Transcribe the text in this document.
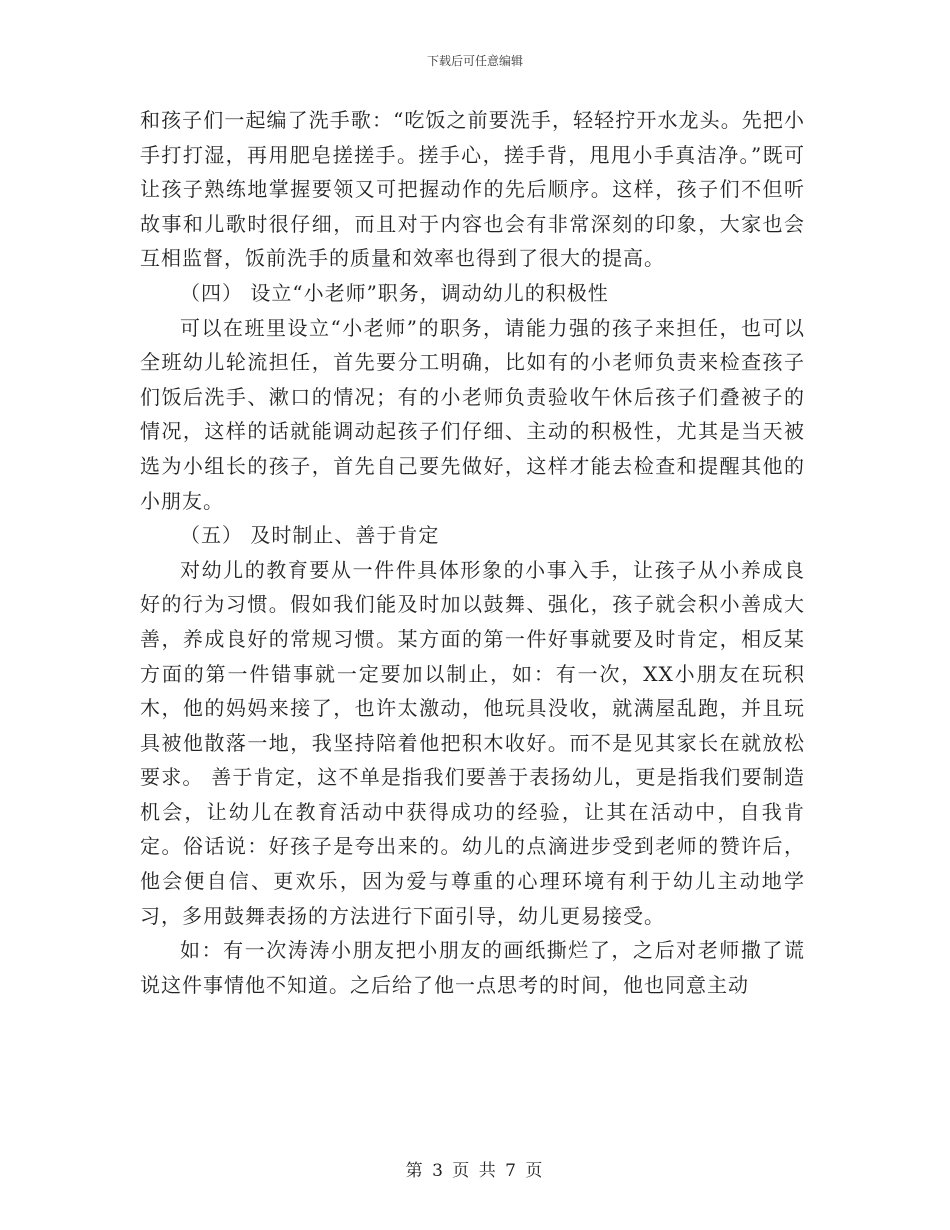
下载后可任意编辑

和孩子们一起编了洗手歌：“吃饭之前要洗手，轻轻拧开水龙头。先把小手打打湿，再用肥皂搓搓手。搓手心，搓手背，甩甩小手真洁净。”既可让孩子熟练地掌握要领又可把握动作的先后顺序。这样，孩子们不但听故事和儿歌时很仔细，而且对于内容也会有非常深刻的印象，大家也会互相监督，饭前洗手的质量和效率也得到了很大的提高。

（四） 设立“小老师”职务，调动幼儿的积极性

可以在班里设立“小老师”的职务，请能力强的孩子来担任，也可以全班幼儿轮流担任，首先要分工明确，比如有的小老师负责来检查孩子们饭后洗手、漱口的情况；有的小老师负责验收午休后孩子们叠被子的情况，这样的话就能调动起孩子们仔细、主动的积极性，尤其是当天被选为小组长的孩子，首先自己要先做好，这样才能去检查和提醒其他的小朋友。

（五） 及时制止、善于肯定

对幼儿的教育要从一件件具体形象的小事入手，让孩子从小养成良好的行为习惯。假如我们能及时加以鼓舞、强化，孩子就会积小善成大善，养成良好的常规习惯。某方面的第一件好事就要及时肯定，相反某方面的第一件错事就一定要加以制止，如：有一次，XX小朋友在玩积木，他的妈妈来接了，也许太激动，他玩具没收，就满屋乱跑，并且玩具被他散落一地，我坚持陪着他把积木收好。而不是见其家长在就放松要求。 善于肯定，这不单是指我们要善于表扬幼儿，更是指我们要制造机会，让幼儿在教育活动中获得成功的经验，让其在活动中，自我肯定。俗话说：好孩子是夸出来的。幼儿的点滴进步受到老师的赞许后，他会便自信、更欢乐，因为爱与尊重的心理环境有利于幼儿主动地学习，多用鼓舞表扬的方法进行下面引导，幼儿更易接受。

如：有一次涛涛小朋友把小朋友的画纸撕烂了，之后对老师撒了谎说这件事情他不知道。之后给了他一点思考的时间，他也同意主动

第 3 页 共 7 页
